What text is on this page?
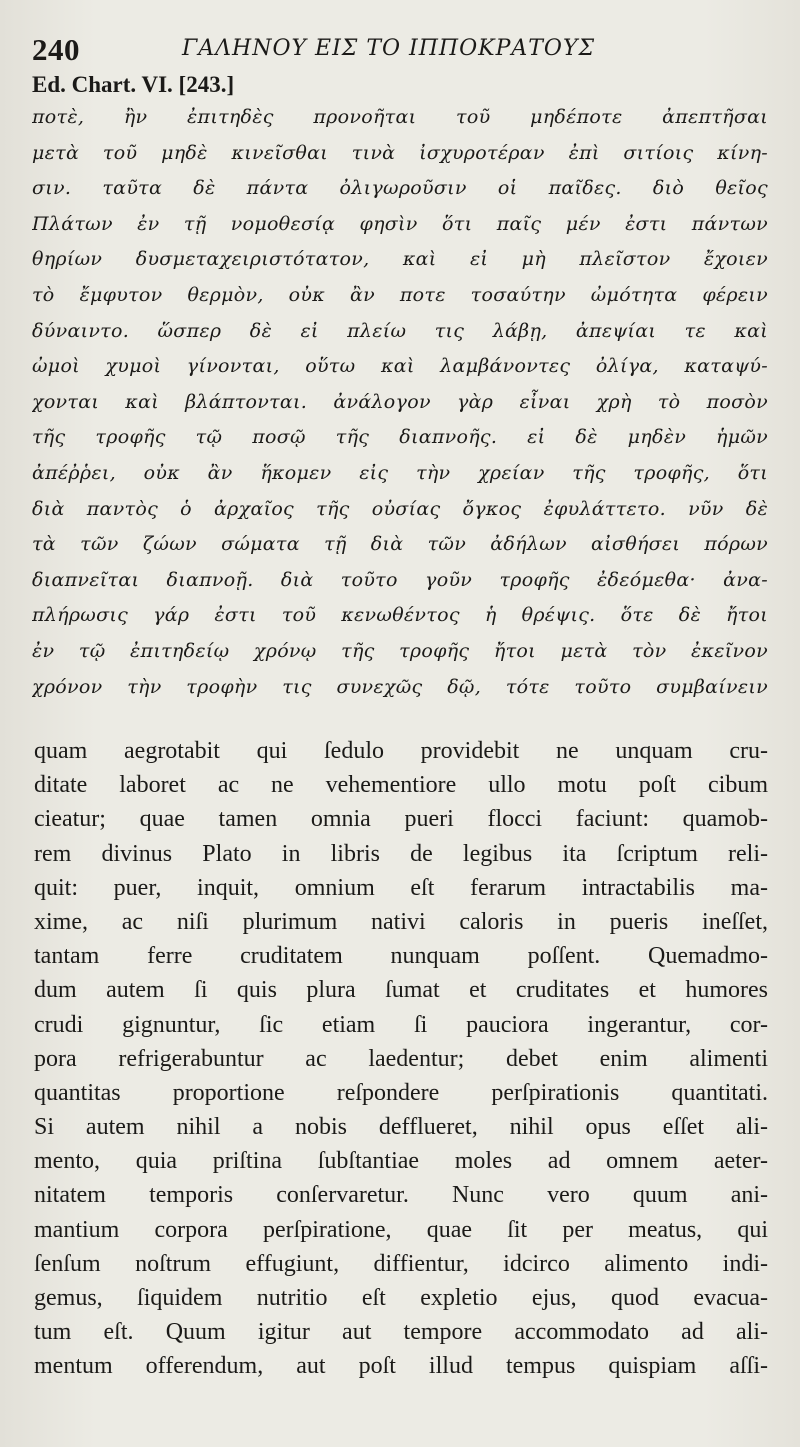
240	ΓΑΛΗΝΟΥ ΕΙΣ ΤΟ ΙΠΠΟΚΡΑΤΟΥΣ
Ed. Chart. VI. [243.]
ποτὲ, ἢν ἐπιτηδὲς προνοῆται τοῦ μηδέποτε ἀπεπτῆσαι
μετὰ τοῦ μηδὲ κινεῖσθαι τινὰ ἰσχυροτέραν ἐπὶ σιτίοις κίνη-
σιν. ταῦτα δὲ πάντα ὀλιγωροῦσιν οἱ παῖδες. διὸ θεῖος
Πλάτων ἐν τῇ νομοθεσίᾳ φησὶν ὅτι παῖς μέν ἐστι πάντων
θηρίων δυσμεταχειριστότατον, καὶ εἰ μὴ πλεῖστον ἔχοιεν
τὸ ἔμφυτον θερμὸν, οὐκ ἂν ποτε τοσαύτην ὠμότητα φέρειν
δύναιντο. ὥσπερ δὲ εἰ πλείω τις λάβῃ, ἀπεψίαι τε καὶ
ὠμοὶ χυμοὶ γίνονται, οὕτω καὶ λαμβάνοντες ὀλίγα, καταψύ-
χονται καὶ βλάπτονται. ἀνάλογον γὰρ εἶναι χρὴ τὸ ποσὸν
τῆς τροφῆς τῷ ποσῷ τῆς διαπνοῆς. εἰ δὲ μηδὲν ἡμῶν
ἀπέῤῥει, οὐκ ἂν ἥκομεν εἰς τὴν χρείαν τῆς τροφῆς, ὅτι
διὰ παντὸς ὁ ἀρχαῖος τῆς οὐσίας ὄγκος ἐφυλάττετο. νῦν δὲ
τὰ τῶν ζώων σώματα τῇ διὰ τῶν ἀδήλων αἰσθήσει πόρων
διαπνεῖται διαπνοῇ. διὰ τοῦτο γοῦν τροφῆς ἐδεόμεθα· ἀνα-
πλήρωσις γάρ ἐστι τοῦ κενωθέντος ἡ θρέψις. ὅτε δὲ ἤτοι
ἐν τῷ ἐπιτηδείῳ χρόνῳ τῆς τροφῆς ἤτοι μετὰ τὸν ἐκεῖνον
χρόνον τὴν τροφὴν τις συνεχῶς δῷ, τότε τοῦτο συμβαίνειν
quam aegrotabit qui ſedulo providebit ne unquam cru-
ditate laboret ac ne vehementiore ullo motu poſt cibum
cieatur; quae tamen omnia pueri flocci faciunt: quamob-
rem divinus Plato in libris de legibus ita ſcriptum reli-
quit: puer, inquit, omnium eſt ferarum intractabilis ma-
xime, ac niſi plurimum nativi caloris in pueris ineſſet,
tantam ferre cruditatem nunquam poſſent. Quemadmo-
dum autem ſi quis plura ſumat et cruditates et humores
crudi gignuntur, ſic etiam ſi pauciora ingerantur, cor-
pora refrigerabuntur ac laedentur; debet enim alimenti
quantitas proportione reſpondere perſpirationis quantitati.
Si autem nihil a nobis defflueret, nihil opus eſſet ali-
mento, quia priſtina ſubſtantiae moles ad omnem aeter-
nitatem temporis conſervaretur. Nunc vero quum ani-
mantium corpora perſpiratione, quae ſit per meatus, qui
ſenſum noſtrum effugiunt, diffientur, idcirco alimento indi-
gemus, ſiquidem nutritio eſt expletio ejus, quod evacua-
tum eſt. Quum igitur aut tempore accommodato ad ali-
mentum offerendum, aut poſt illud tempus quispiam aſſi-
